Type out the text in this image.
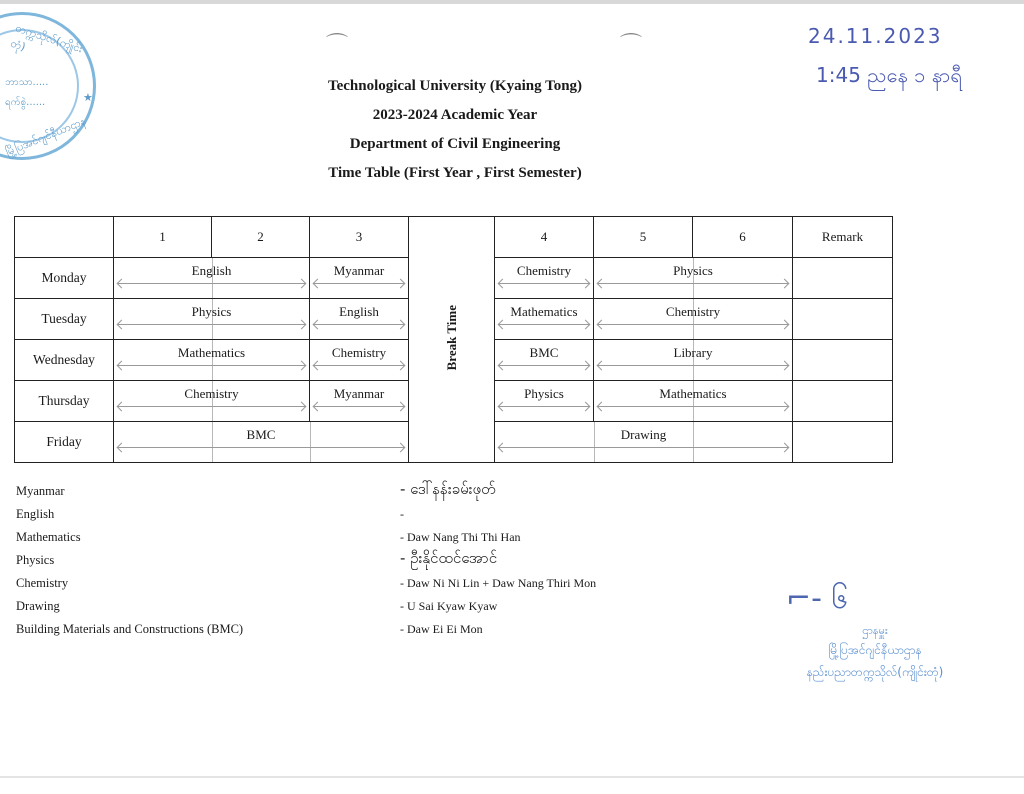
တက္ကသိုလ်(ကျိုင်းတုံ)
ဘာသာ.....
ရက်စွဲ......
မြို့ပြအင်ဂျင်နီယာဌာန
★
⌒	⌒	24.11.2023
1:45 ညနေ ၁ နာရီ
Technological University (Kyaing Tong)
2023-2024 Academic Year
Department of Civil Engineering
Time Table (First Year , First Semester)
	1	2	3	Break Time	4	5	6	Remark
Monday	English		Myanmar		Chemistry	Physics		

Tuesday	Physics		English		Mathematics	Chemistry		

Wednesday	Mathematics		Chemistry		BMC	Library		

Thursday	Chemistry		Myanmar		Physics	Mathematics		

Friday	BMC				Drawing			

Myanmar	- ဒေါ်နန်းခမ်းဖုတ်
English	-
Mathematics	- Daw Nang Thi Thi Han
Physics	- ဦးနိုင်ထင်အောင်
Chemistry	- Daw Ni Ni Lin + Daw Nang Thiri Mon
Drawing	- U Sai Kyaw Kyaw
Building Materials and Constructions (BMC)	- Daw Ei Ei Mon
⌐- ၆
ဌာနမှူး
မြို့ပြအင်ဂျင်နီယာဌာန
နည်းပညာတက္ကသိုလ်(ကျိုင်းတုံ)
